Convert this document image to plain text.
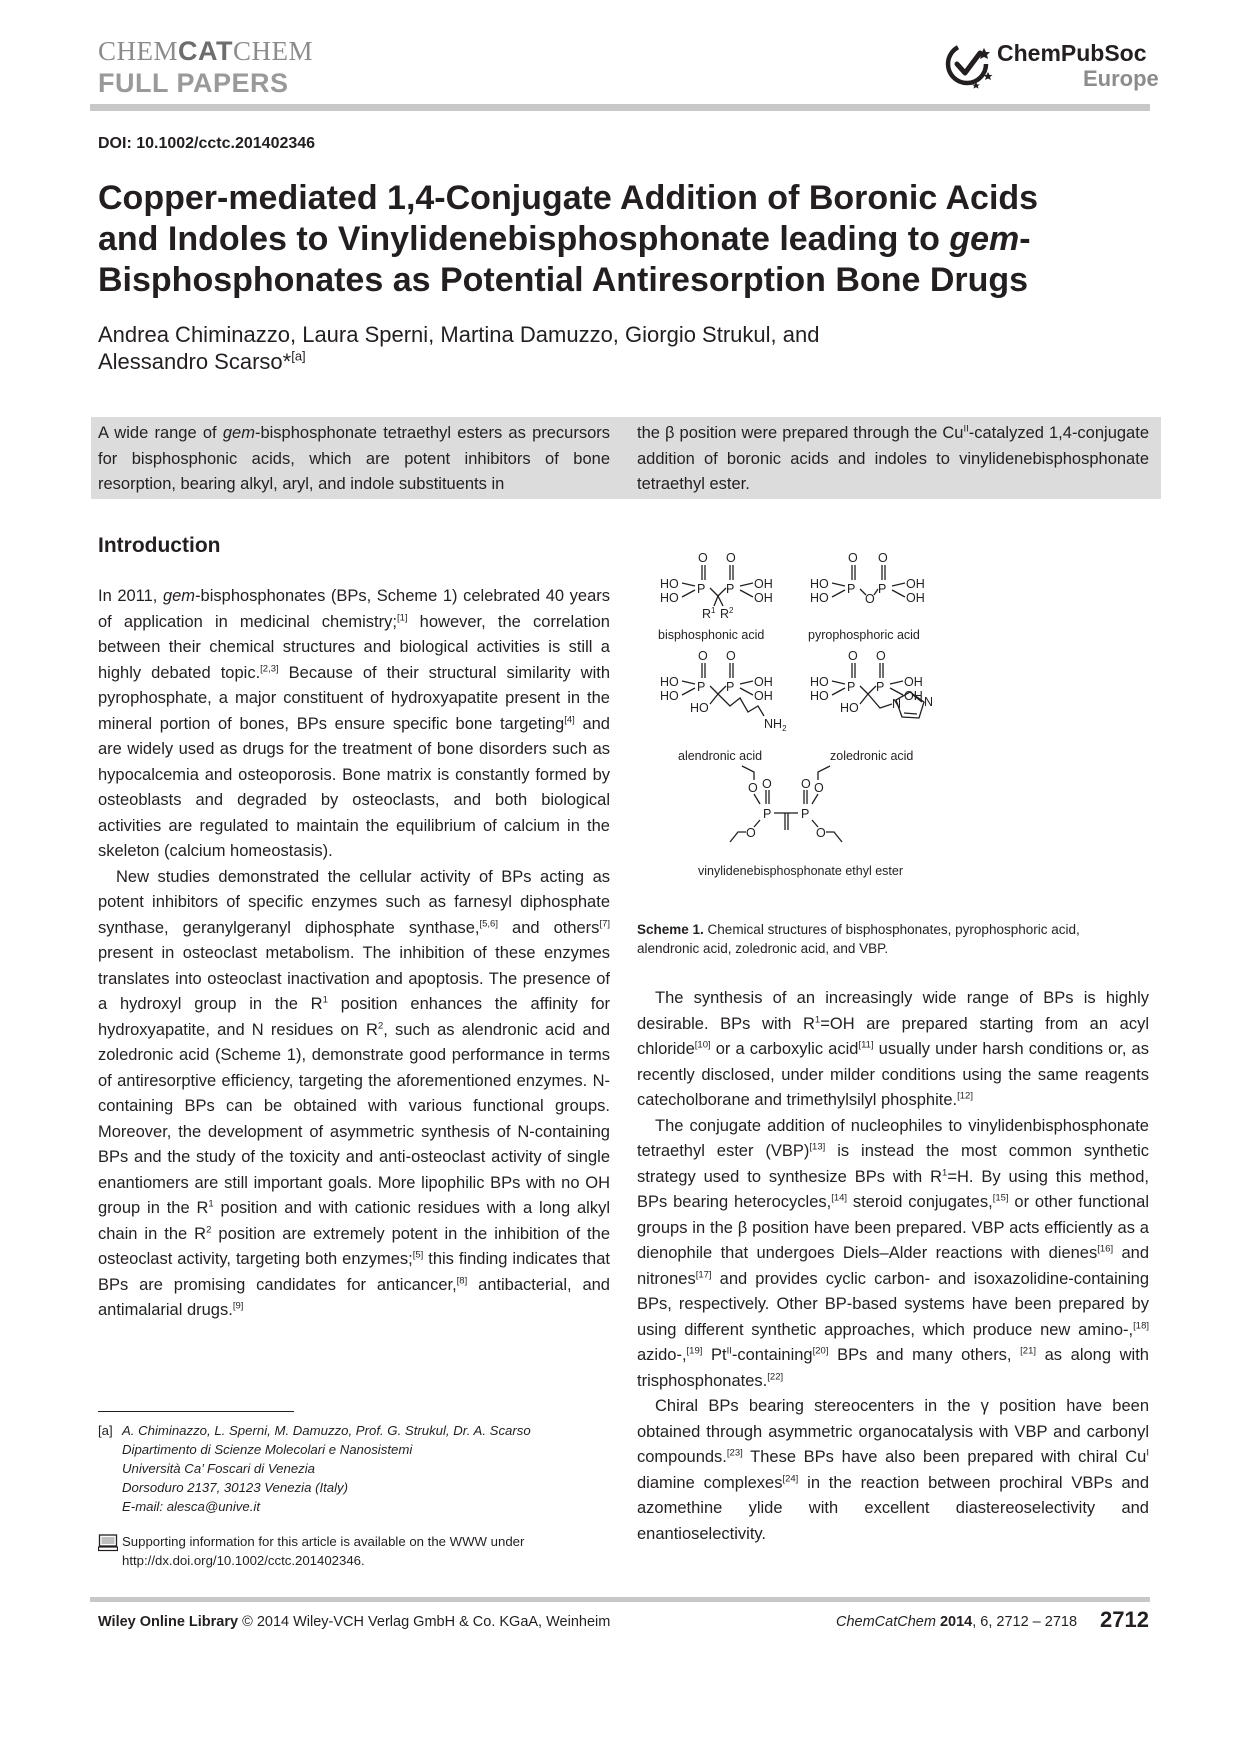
CHEMCATCHEM
FULL PAPERS
ChemPubSoc
Europe
DOI: 10.1002/cctc.201402346
Copper-mediated 1,4-Conjugate Addition of Boronic Acids
and Indoles to Vinylidenebisphosphonate leading to gem-
Bisphosphonates as Potential Antiresorption Bone Drugs
Andrea Chiminazzo, Laura Sperni, Martina Damuzzo, Giorgio Strukul, and
Alessandro Scarso*[a]
A wide range of gem-bisphosphonate tetraethyl esters as precursors for bisphosphonic acids, which are potent inhibitors of bone resorption, bearing alkyl, aryl, and indole substituents in
the β position were prepared through the $Cu^{II}$-catalyzed 1,4-conjugate addition of boronic acids and indoles to vinylidenebisphosphonate tetraethyl ester.
Introduction

In 2011, gem-bisphosphonates (BPs, Scheme 1) celebrated 40 years of application in medicinal chemistry;[1] however, the correlation between their chemical structures and biological activities is still a highly debated topic.[2,3] Because of their structural similarity with pyrophosphate, a major constituent of hydroxyapatite present in the mineral portion of bones, BPs ensure specific bone targeting[4] and are widely used as drugs for the treatment of bone disorders such as hypocalcemia and osteoporosis. Bone matrix is constantly formed by osteoblasts and degraded by osteoclasts, and both biological activities are regulated to maintain the equilibrium of calcium in the skeleton (calcium homeostasis).

New studies demonstrated the cellular activity of BPs acting as potent inhibitors of specific enzymes such as farnesyl diphosphate synthase, geranylgeranyl diphosphate synthase,[5,6] and others[7] present in osteoclast metabolism. The inhibition of these enzymes translates into osteoclast inactivation and apoptosis. The presence of a hydroxyl group in the $R^1$ position enhances the affinity for hydroxyapatite, and N residues on $R^2$, such as alendronic acid and zoledronic acid (Scheme 1), demonstrate good performance in terms of antiresorptive efficiency, targeting the aforementioned enzymes. N-containing BPs can be obtained with various functional groups. Moreover, the development of asymmetric synthesis of N-containing BPs and the study of the toxicity and anti-osteoclast activity of single enantiomers are still important goals. More lipophilic BPs with no OH group in the $R^1$ position and with cationic residues with a long alkyl chain in the $R^2$ position are extremely potent in the inhibition of the osteoclast activity, targeting both enzymes;[5] this finding indicates that BPs are promising candidates for anticancer,[8] antibacterial, and antimalarial drugs.[9]

O O
P P
HO
HO
OH
OH
$R^1$ $R^2$
bisphosphonic acid
O O
P P
O
HO
HO
OH
OH
pyrophosphoric acid
O O
P P
HO
HO
OH
OH
HO
$NH_2$
alendronic acid
O O
P P
HO
HO
OH
OH
HO	N N
zoledronic acid
O O O O
P P
O	O
vinylidenebisphosphonate ethyl ester
Scheme 1. Chemical structures of bisphosphonates, pyrophosphoric acid, alendronic acid, zoledronic acid, and VBP.

The synthesis of an increasingly wide range of BPs is highly desirable. BPs with $R^1=OH$ are prepared starting from an acyl chloride[10] or a carboxylic acid[11] usually under harsh conditions or, as recently disclosed, under milder conditions using the same reagents catecholborane and trimethylsilyl phosphite.[12]

The conjugate addition of nucleophiles to vinylidenbisphosphonate tetraethyl ester (VBP)[13] is instead the most common synthetic strategy used to synthesize BPs with $R^1=H$. By using this method, BPs bearing heterocycles,[14] steroid conjugates,[15] or other functional groups in the β position have been prepared. VBP acts efficiently as a dienophile that undergoes Diels–Alder reactions with dienes[16] and nitrones[17] and provides cyclic carbon- and isoxazolidine-containing BPs, respectively. Other BP-based systems have been prepared by using different synthetic approaches, which produce new amino-,[18] azido-,[19] $Pt^{II}-containing[20]$ BPs and many others, [21] as along with trisphosphonates.[22]

Chiral BPs bearing stereocenters in the γ position have been obtained through asymmetric organocatalysis with VBP and carbonyl compounds.[23] These BPs have also been prepared with chiral $Cu^I$ diamine complexes[24] in the reaction between prochiral VBPs and azomethine ylide with excellent diastereoselectivity and enantioselectivity.

[a] A. Chiminazzo, L. Sperni, M. Damuzzo, Prof. G. Strukul, Dr. A. Scarso
Dipartimento di Scienze Molecolari e Nanosistemi
Università Ca’ Foscari di Venezia
Dorsoduro 2137, 30123 Venezia (Italy)
E-mail: alesca@unive.it
Supporting information for this article is available on the WWW under
http://dx.doi.org/10.1002/cctc.201402346.
Wiley Online Library © 2014 Wiley-VCH Verlag GmbH & Co. KGaA, Weinheim	ChemCatChem 2014, 6, 2712 – 2718 2712
